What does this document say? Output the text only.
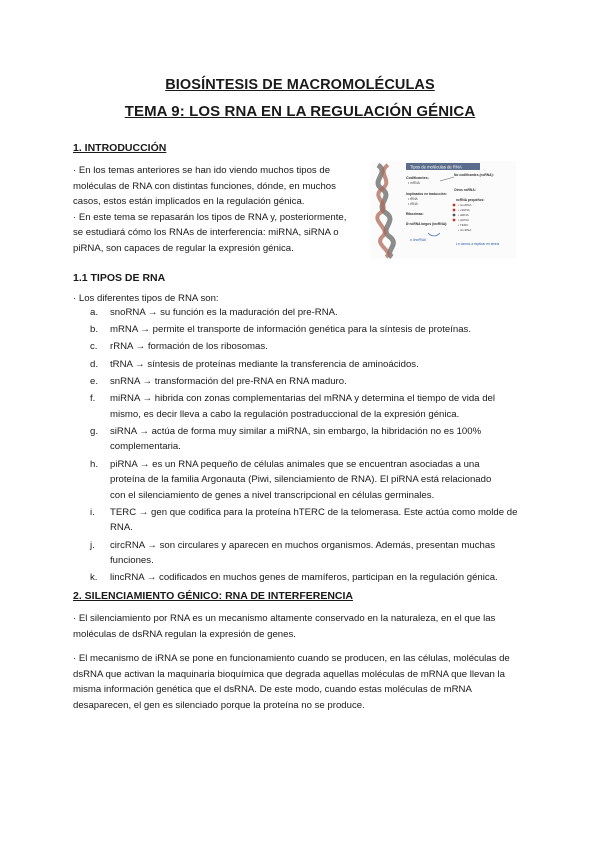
BIOSÍNTESIS DE MACROMOLÉCULAS
TEMA 9: LOS RNA EN LA REGULACIÓN GÉNICA
1. INTRODUCCIÓN
· En los temas anteriores se han ido viendo muchos tipos de
moléculas de RNA con distintas funciones, dónde, en muchos
casos, estos están implicados en la regulación génica.
· En este tema se repasarán los tipos de RNA y, posteriormente,
se estudiará cómo los RNAs de interferencia: miRNA, siRNA o
piRNA, son capaces de regular la expresión génica.
Tipos de moléculas de RNA
Codificantes:
• mRNA
No codificantes (ncRNA):
Implicados en traducción:
• tRNA
• rRNA
Otros ncRNA:
Ribozimas:
Ø ncRNA largos (lncRNA):
ncRNA pequeños:
• snoRNA
• miRNA
• siRNA
• piRNA
• TERC
• circRNA
o lincRNA
Lo vamos a explicar en teoría
1.1 TIPOS DE RNA
· Los diferentes tipos de RNA son:
a. snoRNA → su función es la maduración del pre-RNA.
b. mRNA → permite el transporte de información genética para la síntesis de proteínas.
c. rRNA → formación de los ribosomas.
d. tRNA → síntesis de proteínas mediante la transferencia de aminoácidos.
e. snRNA → transformación del pre-RNA en RNA maduro.
f. miRNA → hibrida con zonas complementarias del mRNA y determina el tiempo de vida del
mismo, es decir lleva a cabo la regulación postraduccional de la expresión génica.
g. siRNA → actúa de forma muy similar a miRNA, sin embargo, la hibridación no es 100%
complementaria.
h. piRNA → es un RNA pequeño de células animales que se encuentran asociadas a una
proteína de la familia Argonauta (Piwi, silenciamiento de RNA). El piRNA está relacionado
con el silenciamiento de genes a nivel transcripcional en células germinales.
i. TERC → gen que codifica para la proteína hTERC de la telomerasa. Este actúa como molde de
RNA.
j. circRNA → son circulares y aparecen en muchos organismos. Además, presentan muchas
funciones.
k. lincRNA → codificados en muchos genes de mamíferos, participan en la regulación génica.
2. SILENCIAMIENTO GÉNICO: RNA DE INTERFERENCIA
· El silenciamiento por RNA es un mecanismo altamente conservado en la naturaleza, en el que las
moléculas de dsRNA regulan la expresión de genes.
· El mecanismo de iRNA se pone en funcionamiento cuando se producen, en las células, moléculas de
dsRNA que activan la maquinaria bioquímica que degrada aquellas moléculas de mRNA que llevan la
misma información genética que el dsRNA. De este modo, cuando estas moléculas de mRNA
desaparecen, el gen es silenciado porque la proteína no se produce.
